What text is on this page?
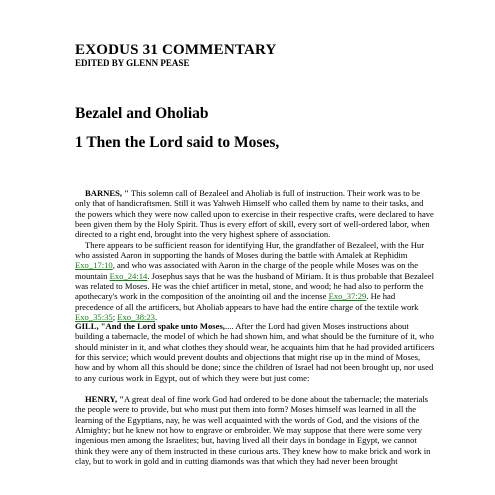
EXODUS 31 COMMENTARY
EDITED BY GLENN PEASE
Bezalel and Oholiab
1 Then the Lord said to Moses,

BARNES, " This solemn call of Bezaleel and Aholiab is full of instruction. Their work was to be only that of handicraftsmen. Still it was Yahweh Himself who called them by name to their tasks, and the powers which they were now called upon to exercise in their respective crafts, were declared to have been given them by the Holy Spirit. Thus is every effort of skill, every sort of well-ordered labor, when directed to a right end, brought into the very highest sphere of association.

There appears to be sufficient reason for identifying Hur, the grandfather of Bezaleel, with the Hur who assisted Aaron in supporting the hands of Moses during the battle with Amalek at Rephidim Exo_17:10, and who was associated with Aaron in the charge of the people while Moses was on the mountain Exo_24:14. Josephus says that he was the husband of Miriam. It is thus probable that Bezaleel was related to Moses. He was the chief artificer in metal, stone, and wood; he had also to perform the apothecary's work in the composition of the anointing oil and the incense Exo_37:29. He had precedence of all the artificers, but Aholiab appears to have had the entire charge of the textile work Exo_35:35; Exo_38:23.

GILL, "And the Lord spake unto Moses,.... After the Lord had given Moses instructions about building a tabernacle, the model of which he had shown him, and what should be the furniture of it, who should minister in it, and what clothes they should wear, he acquaints him that he had provided artificers for this service; which would prevent doubts and objections that might rise up in the mind of Moses, how and by whom all this should be done; since the children of Israel had not been brought up, nor used to any curious work in Egypt, out of which they were but just come:

HENRY, "A great deal of fine work God had ordered to be done about the tabernacle; the materials the people were to provide, but who must put them into form? Moses himself was learned in all the learning of the Egyptians, nay, he was well acquainted with the words of God, and the visions of the Almighty; but he knew not how to engrave or embroider. We may suppose that there were some very ingenious men among the Israelites; but, having lived all their days in bondage in Egypt, we cannot think they were any of them instructed in these curious arts. They knew how to make brick and work in clay, but to work in gold and in cutting diamonds was that which they had never been brought
